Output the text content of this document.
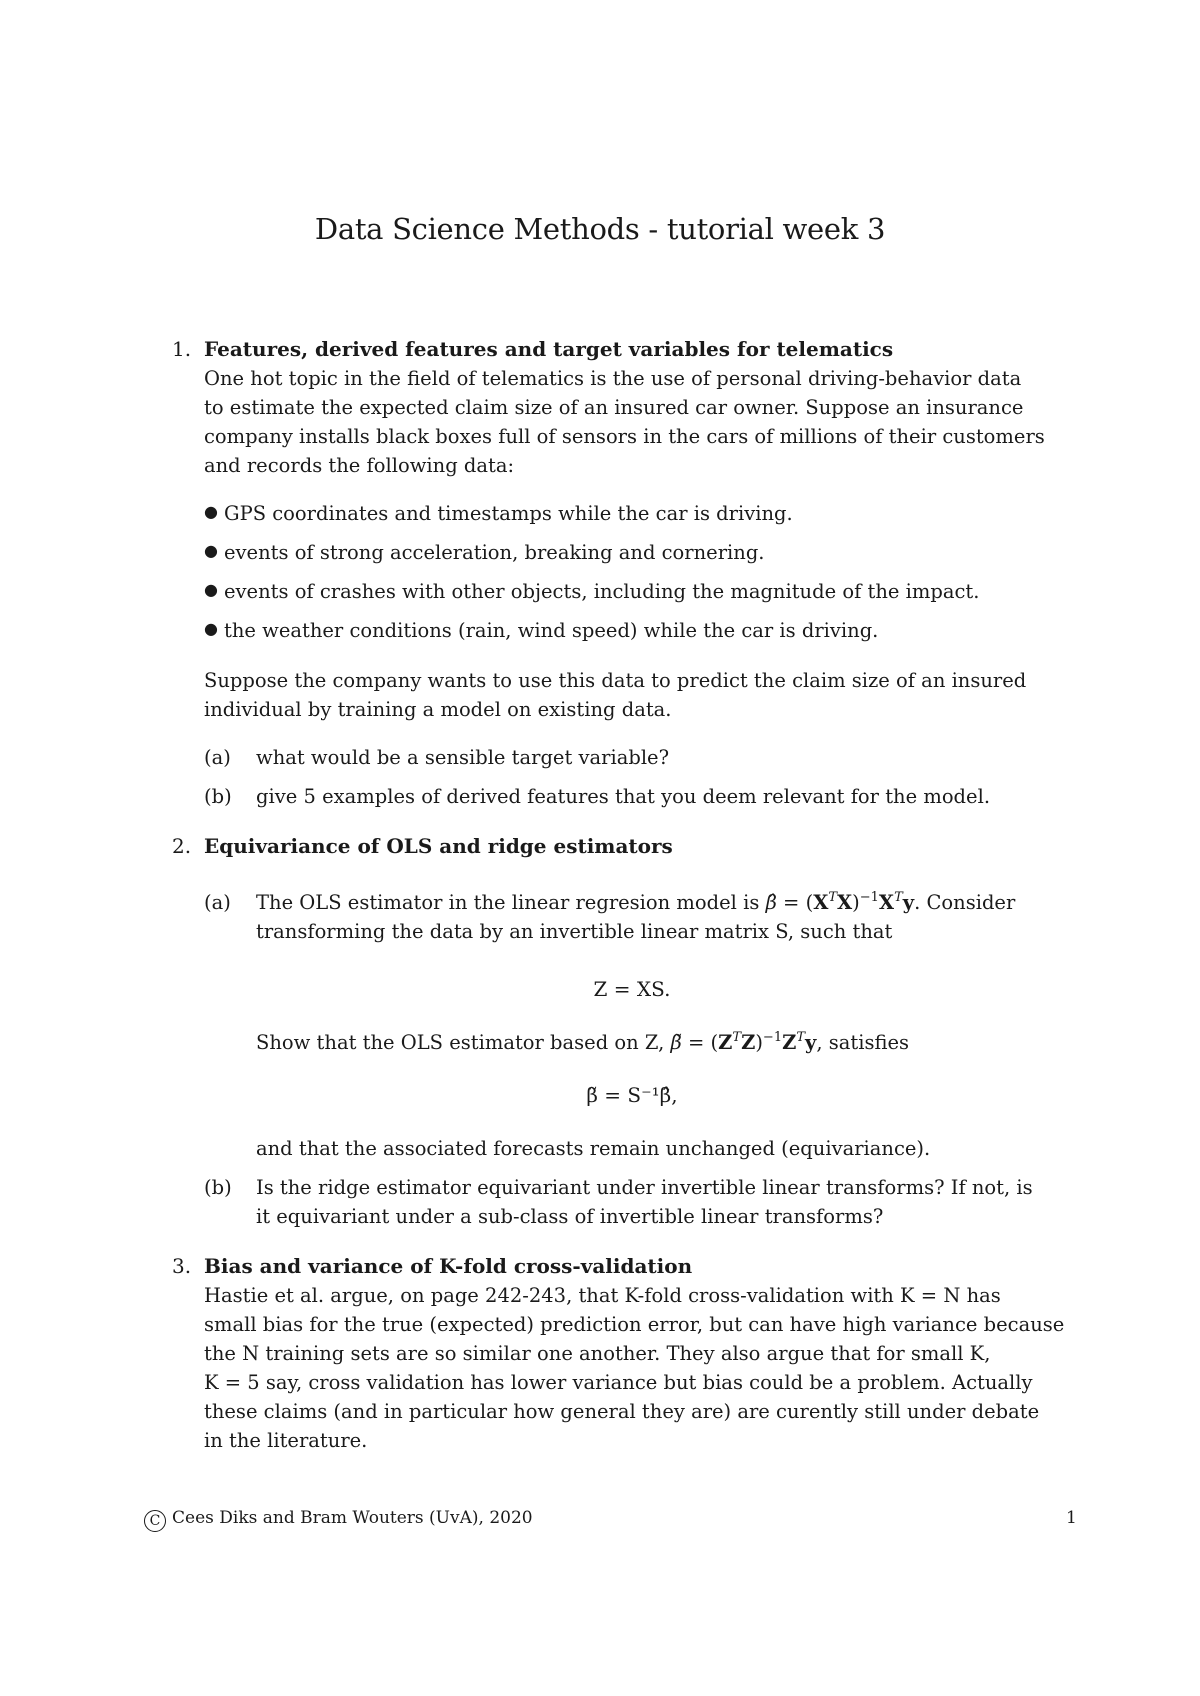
Data Science Methods - tutorial week 3
1. Features, derived features and target variables for telematics
One hot topic in the field of telematics is the use of personal driving-behavior data
to estimate the expected claim size of an insured car owner. Suppose an insurance
company installs black boxes full of sensors in the cars of millions of their customers
and records the following data:
● GPS coordinates and timestamps while the car is driving.
● events of strong acceleration, breaking and cornering.
● events of crashes with other objects, including the magnitude of the impact.
● the weather conditions (rain, wind speed) while the car is driving.
Suppose the company wants to use this data to predict the claim size of an insured
individual by training a model on existing data.
(a) what would be a sensible target variable?
(b) give 5 examples of derived features that you deem relevant for the model.
2. Equivariance of OLS and ridge estimators
(a) The OLS estimator in the linear regresion model is β̂ = $(X^TX)^{-1}X^Ty$. Consider
transforming the data by an invertible linear matrix S, such that
Z = XS.
Show that the OLS estimator based on Z, β̃ = $(Z^TZ)^{-1}Z^Ty$, satisfies
β̃ = S⁻¹β̂,
and that the associated forecasts remain unchanged (equivariance).
(b) Is the ridge estimator equivariant under invertible linear transforms? If not, is
it equivariant under a sub-class of invertible linear transforms?
3. Bias and variance of K-fold cross-validation
Hastie et al. argue, on page 242-243, that K-fold cross-validation with K = N has
small bias for the true (expected) prediction error, but can have high variance because
the N training sets are so similar one another. They also argue that for small K,
K = 5 say, cross validation has lower variance but bias could be a problem. Actually
these claims (and in particular how general they are) are curently still under debate
in the literature.
C Cees Diks and Bram Wouters (UvA), 2020	1
